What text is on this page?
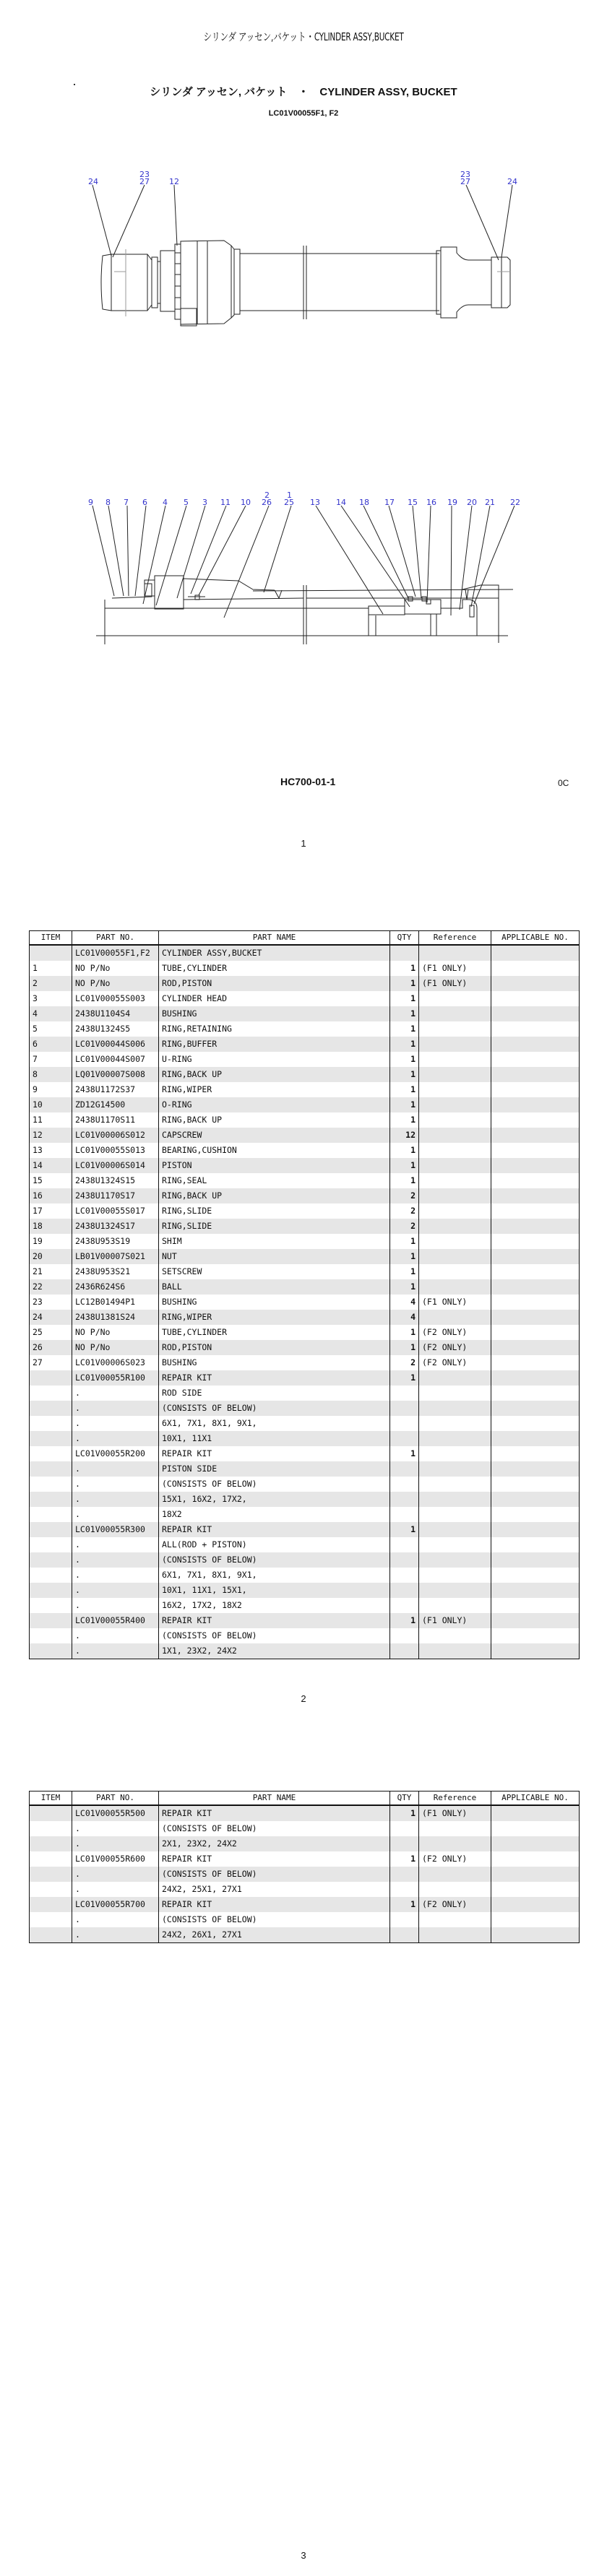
シリンダ アッセン,バケット・CYLINDER ASSY,BUCKET
シリンダ アッセン, バケット　・　CYLINDER ASSY, BUCKET
LC01V00055F1, F2
24
23
27 12
23
27	24
9 8 7 6 4 5 3 11 10
2
26
1
25 13 14 18 17 15 16 19 20 21 22
HC700-01-1	0C
1
ITEM	PART NO.	PART NAME	QTY	Reference	APPLICABLE NO.
	LC01V00055F1,F2	CYLINDER ASSY,BUCKET			
1	NO P/No	TUBE,CYLINDER	1	(F1 ONLY)	
2	NO P/No	ROD,PISTON	1	(F1 ONLY)	
3	LC01V00055S003	CYLINDER HEAD	1		
4	2438U1104S4	BUSHING	1		
5	2438U1324S5	RING,RETAINING	1		
6	LC01V00044S006	RING,BUFFER	1		
7	LC01V00044S007	U-RING	1		
8	LQ01V00007S008	RING,BACK UP	1		
9	2438U1172S37	RING,WIPER	1		
10	ZD12G14500	O-RING	1		
11	2438U1170S11	RING,BACK UP	1		
12	LC01V00006S012	CAPSCREW	12		
13	LC01V00055S013	BEARING,CUSHION	1		
14	LC01V00006S014	PISTON	1		
15	2438U1324S15	RING,SEAL	1		
16	2438U1170S17	RING,BACK UP	2		
17	LC01V00055S017	RING,SLIDE	2		
18	2438U1324S17	RING,SLIDE	2		
19	2438U953S19	SHIM	1		
20	LB01V00007S021	NUT	1		
21	2438U953S21	SETSCREW	1		
22	2436R624S6	BALL	1		
23	LC12B01494P1	BUSHING	4	(F1 ONLY)	
24	2438U1381S24	RING,WIPER	4		
25	NO P/No	TUBE,CYLINDER	1	(F2 ONLY)	
26	NO P/No	ROD,PISTON	1	(F2 ONLY)	
27	LC01V00006S023	BUSHING	2	(F2 ONLY)	
	LC01V00055R100	REPAIR KIT	1		
	.	ROD SIDE			
	.	(CONSISTS OF BELOW)			
	.	6X1, 7X1, 8X1, 9X1,			
	.	10X1, 11X1			
	LC01V00055R200	REPAIR KIT	1		
	.	PISTON SIDE			
	.	(CONSISTS OF BELOW)			
	.	15X1, 16X2, 17X2,			
	.	18X2			
	LC01V00055R300	REPAIR KIT	1		
	.	ALL(ROD + PISTON)			
	.	(CONSISTS OF BELOW)			
	.	6X1, 7X1, 8X1, 9X1,			
	.	10X1, 11X1, 15X1,			
	.	16X2, 17X2, 18X2			
	LC01V00055R400	REPAIR KIT	1	(F1 ONLY)	
	.	(CONSISTS OF BELOW)			
	.	1X1, 23X2, 24X2			
2
ITEM	PART NO.	PART NAME	QTY	Reference	APPLICABLE NO.
	LC01V00055R500	REPAIR KIT	1	(F1 ONLY)	
	.	(CONSISTS OF BELOW)			
	.	2X1, 23X2, 24X2			
	LC01V00055R600	REPAIR KIT	1	(F2 ONLY)	
	.	(CONSISTS OF BELOW)			
	.	24X2, 25X1, 27X1			
	LC01V00055R700	REPAIR KIT	1	(F2 ONLY)	
	.	(CONSISTS OF BELOW)			
	.	24X2, 26X1, 27X1			
3
